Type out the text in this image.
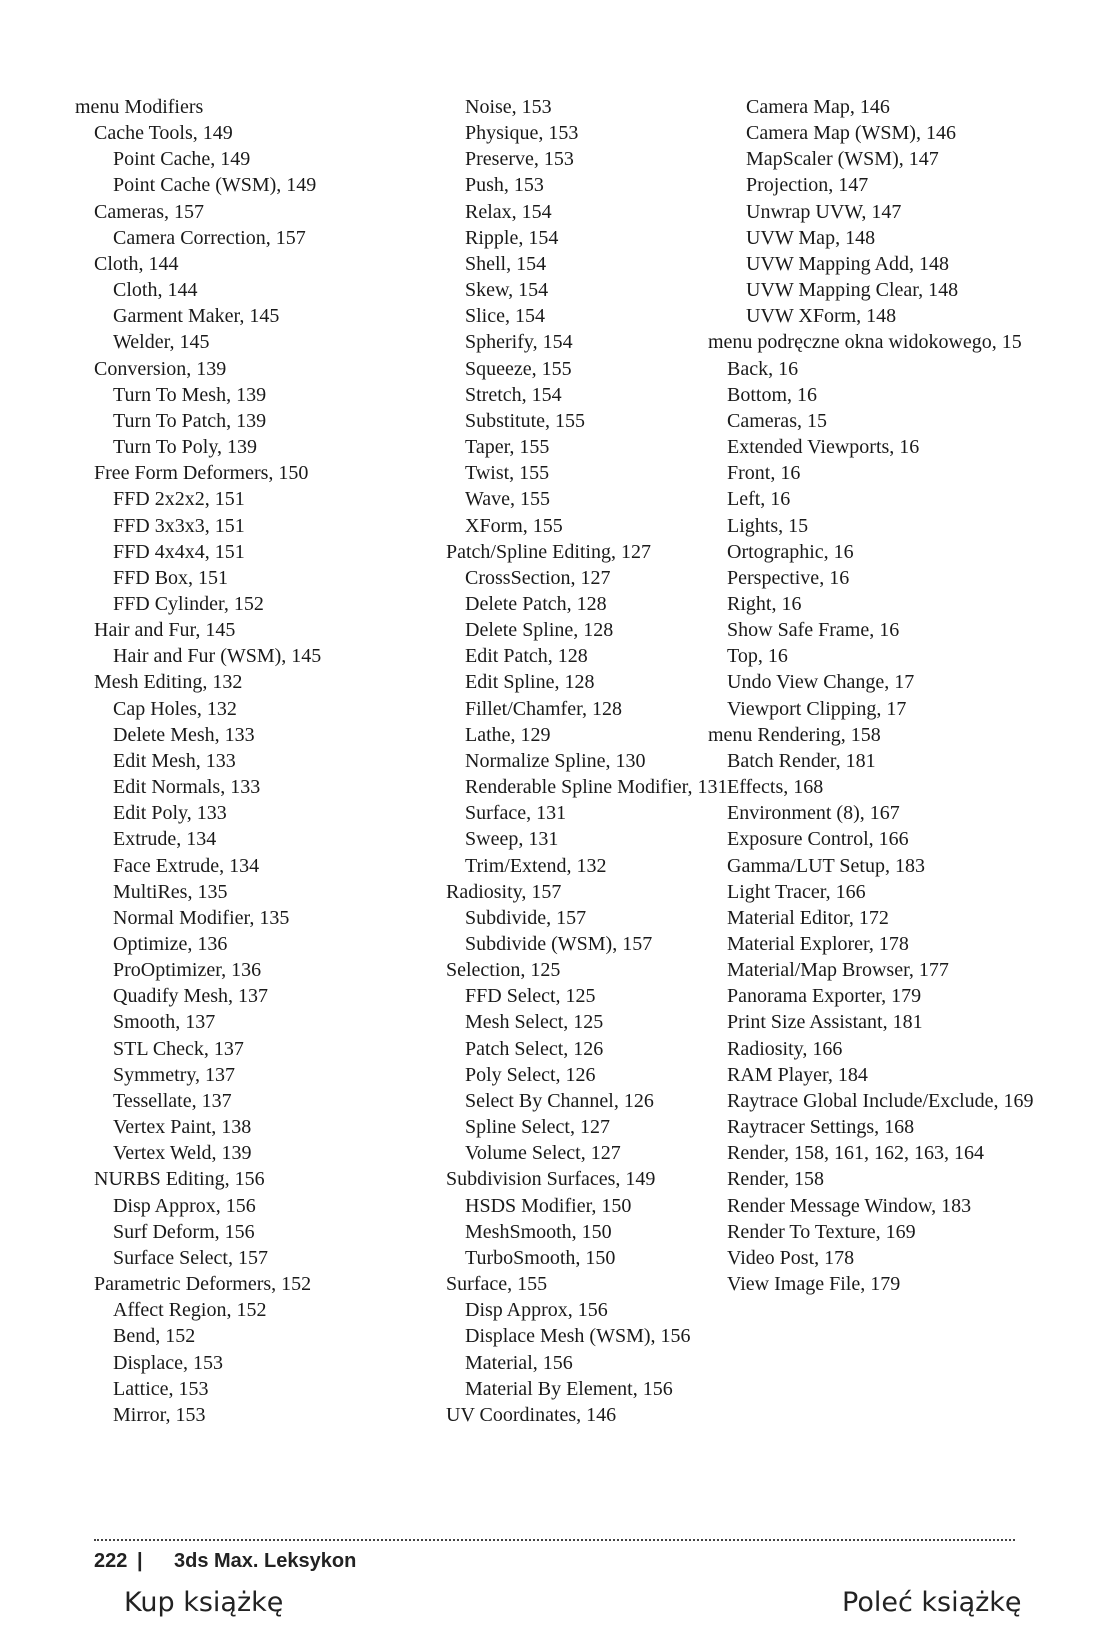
menu Modifiers
Cache Tools, 149
Point Cache, 149
Point Cache (WSM), 149
Cameras, 157
Camera Correction, 157
Cloth, 144
Cloth, 144
Garment Maker, 145
Welder, 145
Conversion, 139
Turn To Mesh, 139
Turn To Patch, 139
Turn To Poly, 139
Free Form Deformers, 150
FFD 2x2x2, 151
FFD 3x3x3, 151
FFD 4x4x4, 151
FFD Box, 151
FFD Cylinder, 152
Hair and Fur, 145
Hair and Fur (WSM), 145
Mesh Editing, 132
Cap Holes, 132
Delete Mesh, 133
Edit Mesh, 133
Edit Normals, 133
Edit Poly, 133
Extrude, 134
Face Extrude, 134
MultiRes, 135
Normal Modifier, 135
Optimize, 136
ProOptimizer, 136
Quadify Mesh, 137
Smooth, 137
STL Check, 137
Symmetry, 137
Tessellate, 137
Vertex Paint, 138
Vertex Weld, 139
NURBS Editing, 156
Disp Approx, 156
Surf Deform, 156
Surface Select, 157
Parametric Deformers, 152
Affect Region, 152
Bend, 152
Displace, 153
Lattice, 153
Mirror, 153
Noise, 153
Physique, 153
Preserve, 153
Push, 153
Relax, 154
Ripple, 154
Shell, 154
Skew, 154
Slice, 154
Spherify, 154
Squeeze, 155
Stretch, 154
Substitute, 155
Taper, 155
Twist, 155
Wave, 155
XForm, 155
Patch/Spline Editing, 127
CrossSection, 127
Delete Patch, 128
Delete Spline, 128
Edit Patch, 128
Edit Spline, 128
Fillet/Chamfer, 128
Lathe, 129
Normalize Spline, 130
Renderable Spline Modifier, 131
Surface, 131
Sweep, 131
Trim/Extend, 132
Radiosity, 157
Subdivide, 157
Subdivide (WSM), 157
Selection, 125
FFD Select, 125
Mesh Select, 125
Patch Select, 126
Poly Select, 126
Select By Channel, 126
Spline Select, 127
Volume Select, 127
Subdivision Surfaces, 149
HSDS Modifier, 150
MeshSmooth, 150
TurboSmooth, 150
Surface, 155
Disp Approx, 156
Displace Mesh (WSM), 156
Material, 156
Material By Element, 156
UV Coordinates, 146
Camera Map, 146
Camera Map (WSM), 146
MapScaler (WSM), 147
Projection, 147
Unwrap UVW, 147
UVW Map, 148
UVW Mapping Add, 148
UVW Mapping Clear, 148
UVW XForm, 148
menu podręczne okna widokowego, 15
Back, 16
Bottom, 16
Cameras, 15
Extended Viewports, 16
Front, 16
Left, 16
Lights, 15
Ortographic, 16
Perspective, 16
Right, 16
Show Safe Frame, 16
Top, 16
Undo View Change, 17
Viewport Clipping, 17
menu Rendering, 158
Batch Render, 181
Effects, 168
Environment (8), 167
Exposure Control, 166
Gamma/LUT Setup, 183
Light Tracer, 166
Material Editor, 172
Material Explorer, 178
Material/Map Browser, 177
Panorama Exporter, 179
Print Size Assistant, 181
Radiosity, 166
RAM Player, 184
Raytrace Global Include/Exclude, 169
Raytracer Settings, 168
Render, 158, 161, 162, 163, 164
Render, 158
Render Message Window, 183
Render To Texture, 169
Video Post, 178
View Image File, 179
222 | 3ds Max. Leksykon
Kup książkę	Poleć książkę
